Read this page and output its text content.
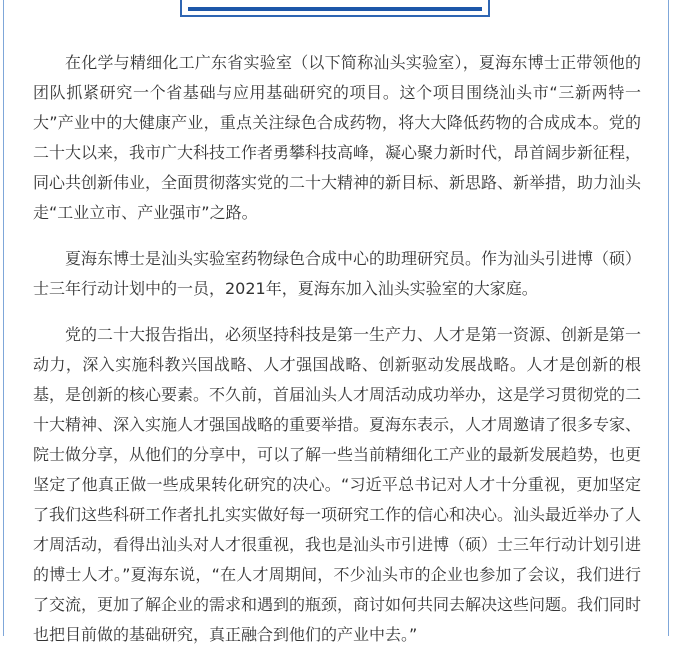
在化学与精细化工广东省实验室（以下简称汕头实验室），夏海东博士正带领他的团队抓紧研究一个省基础与应用基础研究的项目。这个项目围绕汕头市“三新两特一大”产业中的大健康产业，重点关注绿色合成药物，将大大降低药物的合成成本。党的二十大以来，我市广大科技工作者勇攀科技高峰，凝心聚力新时代，昂首阔步新征程，同心共创新伟业，全面贯彻落实党的二十大精神的新目标、新思路、新举措，助力汕头走“工业立市、产业强市”之路。

夏海东博士是汕头实验室药物绿色合成中心的助理研究员。作为汕头引进博（硕）士三年行动计划中的一员，2021年，夏海东加入汕头实验室的大家庭。

党的二十大报告指出，必须坚持科技是第一生产力、人才是第一资源、创新是第一动力，深入实施科教兴国战略、人才强国战略、创新驱动发展战略。人才是创新的根基，是创新的核心要素。不久前，首届汕头人才周活动成功举办，这是学习贯彻党的二十大精神、深入实施人才强国战略的重要举措。夏海东表示，人才周邀请了很多专家、院士做分享，从他们的分享中，可以了解一些当前精细化工产业的最新发展趋势，也更坚定了他真正做一些成果转化研究的决心。“习近平总书记对人才十分重视，更加坚定了我们这些科研工作者扎扎实实做好每一项研究工作的信心和决心。汕头最近举办了人才周活动，看得出汕头对人才很重视，我也是汕头市引进博（硕）士三年行动计划引进的博士人才。”夏海东说，“在人才周期间，不少汕头市的企业也参加了会议，我们进行了交流，更加了解企业的需求和遇到的瓶颈，商讨如何共同去解决这些问题。我们同时也把目前做的基础研究，真正融合到他们的产业中去。”
